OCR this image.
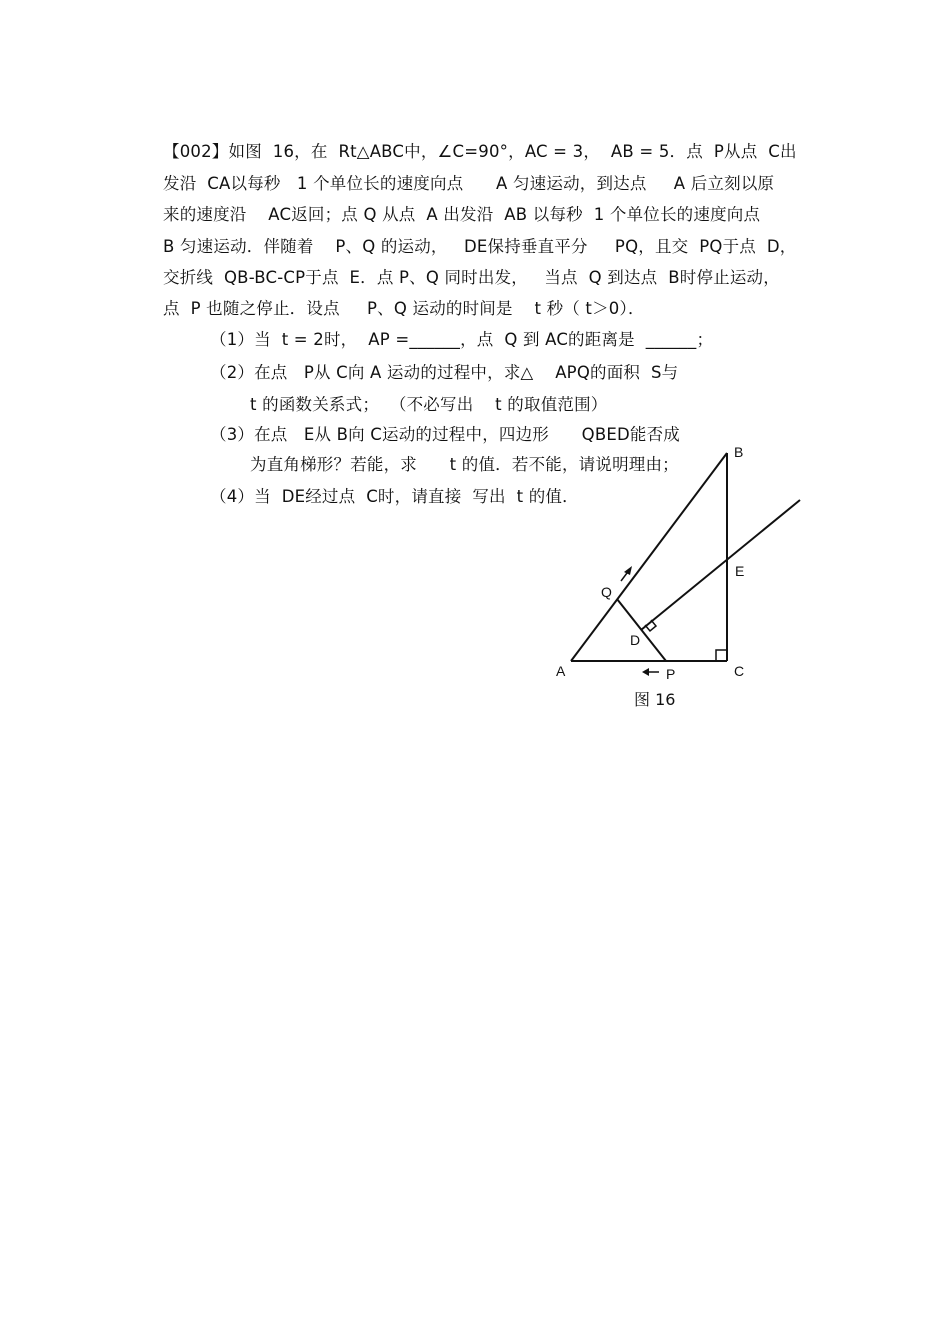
【002】如图  16，在  Rt△ABC中，∠C=90°，AC = 3，  AB = 5．点  P从点  C出
发沿  CA以每秒   1 个单位长的速度向点      A 匀速运动，到达点     A 后立刻以原
来的速度沿    AC返回；点 Q 从点  A 出发沿  AB 以每秒  1 个单位长的速度向点
B 匀速运动．伴随着    P、Q 的运动，   DE保持垂直平分     PQ，且交  PQ于点  D，
交折线  QB-BC-CP于点  E．点 P、Q 同时出发，   当点  Q 到达点  B时停止运动，
点  P 也随之停止．设点     P、Q 运动的时间是    t 秒（ t＞0）．
（1）当  t = 2时，  AP =______，点  Q 到 AC的距离是  ______；
（2）在点   P从 C向 A 运动的过程中，求△    APQ的面积  S与
t 的函数关系式；  （不必写出    t 的取值范围）
（3）在点   E从 B向 C运动的过程中，四边形      QBED能否成
为直角梯形？若能，求      t 的值．若不能，请说明理由；
（4）当  DE经过点  C时，请直接  写出  t 的值．
A
B
C
D
E
P
Q
图 16
